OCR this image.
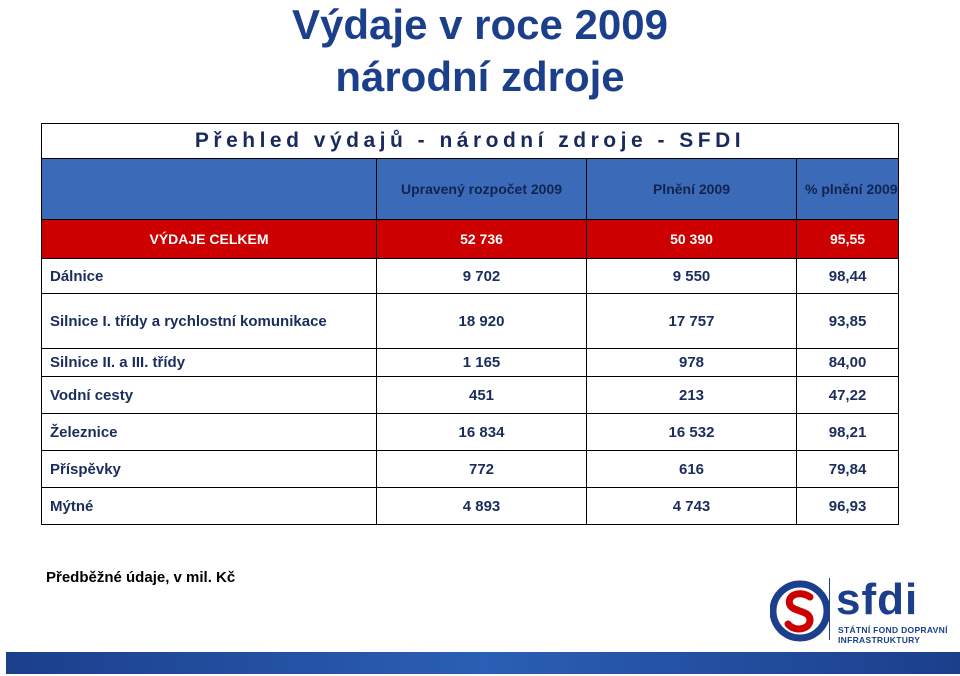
Výdaje v roce 2009
národní zdroje
Přehled výdajů - národní zdroje - SFDI			
	Upravený rozpočet 2009	Plnění 2009	% plnění 2009
VÝDAJE CELKEM	52 736	50 390	95,55
Dálnice	9 702	9 550	98,44
Silnice I. třídy a rychlostní komunikace	18 920	17 757	93,85
Silnice II. a III. třídy	1 165	978	84,00
Vodní cesty	451	213	47,22
Železnice	16 834	16 532	98,21
Příspěvky	772	616	79,84
Mýtné	4 893	4 743	96,93
Předběžné údaje, v mil. Kč	sfdi
STÁTNÍ FOND DOPRAVNÍ
INFRASTRUKTURY
